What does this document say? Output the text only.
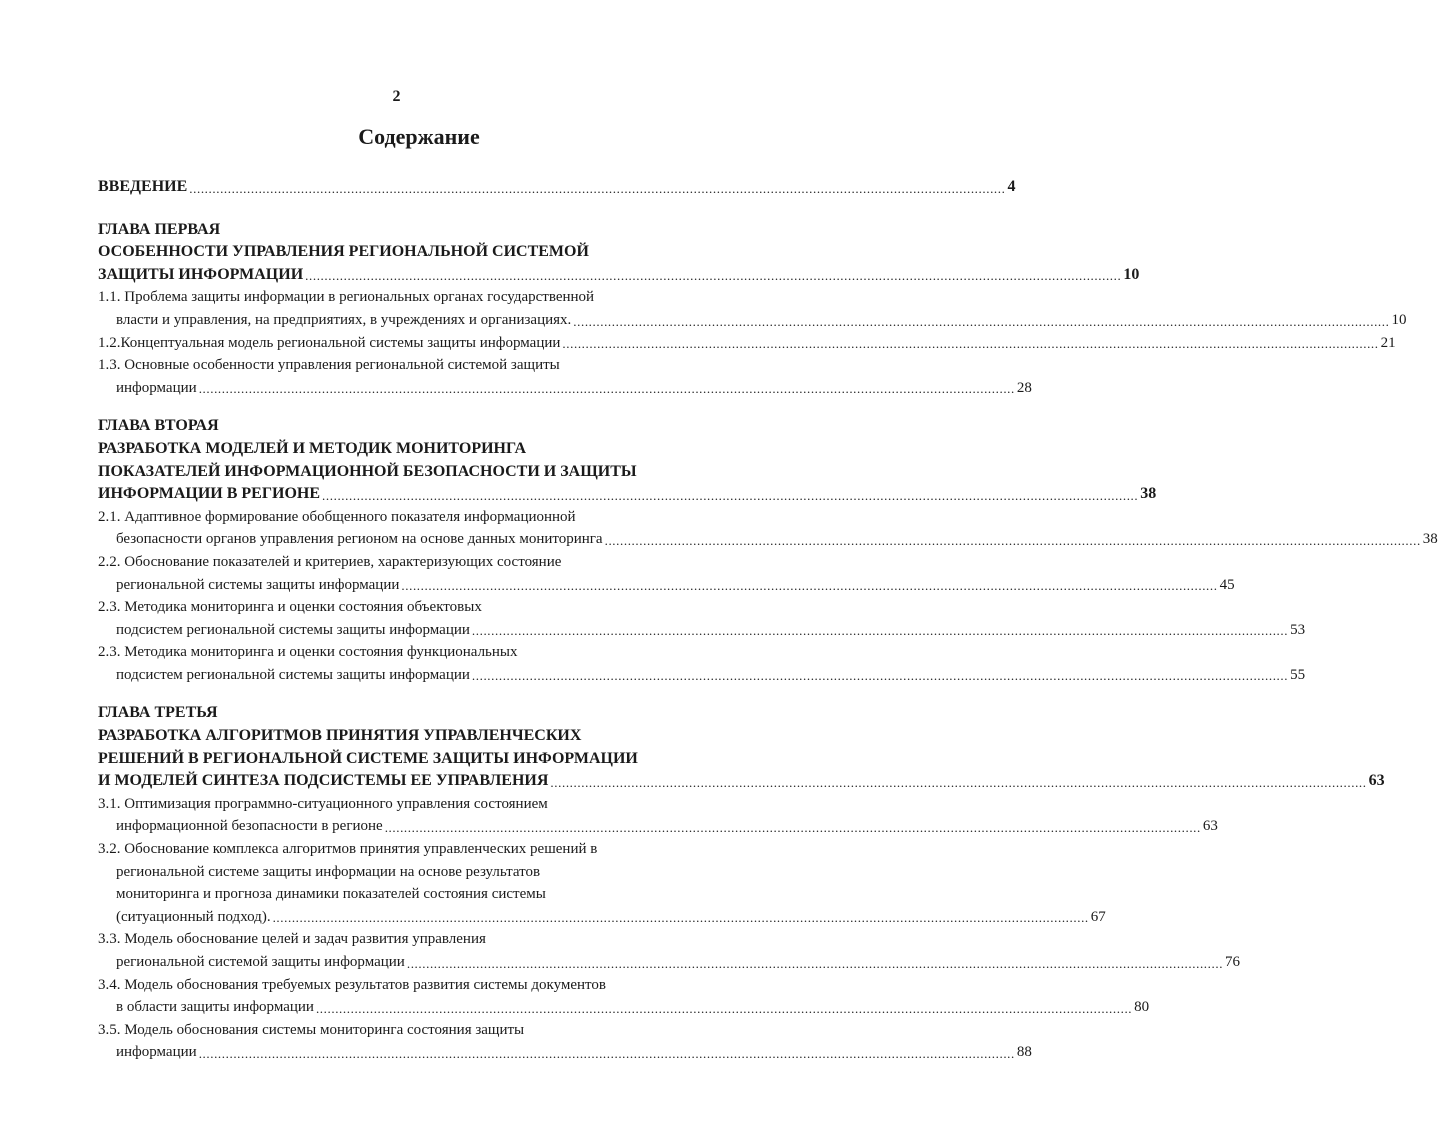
2
Содержание
ВВЕДЕНИЕ .................................................................................................................................................................................................................... 4
ГЛАВА ПЕРВАЯ
ОСОБЕННОСТИ УПРАВЛЕНИЯ РЕГИОНАЛЬНОЙ СИСТЕМОЙ
ЗАЩИТЫ ИНФОРМАЦИИ .................................................................................................................................................................................................................... 10
1.1. Проблема защиты информации в региональных органах государственной
власти и управления, на предприятиях, в учреждениях и организациях. .................................................................................................................................................................................................................... 10
1.2.Концептуальная модель региональной системы защиты информации .................................................................................................................................................................................................................... 21
1.3. Основные особенности управления региональной системой защиты
информации .................................................................................................................................................................................................................... 28
ГЛАВА ВТОРАЯ
РАЗРАБОТКА МОДЕЛЕЙ И МЕТОДИК МОНИТОРИНГА
ПОКАЗАТЕЛЕЙ ИНФОРМАЦИОННОЙ БЕЗОПАСНОСТИ И ЗАЩИТЫ
ИНФОРМАЦИИ В РЕГИОНЕ .................................................................................................................................................................................................................... 38
2.1. Адаптивное формирование обобщенного показателя информационной
безопасности органов управления регионом на основе данных мониторинга .................................................................................................................................................................................................................... 38
2.2. Обоснование показателей и критериев, характеризующих состояние
региональной системы защиты информации .................................................................................................................................................................................................................... 45
2.3. Методика мониторинга и оценки состояния объектовых
подсистем региональной системы защиты информации .................................................................................................................................................................................................................... 53
2.3. Методика мониторинга и оценки состояния функциональных
подсистем региональной системы защиты информации .................................................................................................................................................................................................................... 55
ГЛАВА ТРЕТЬЯ
РАЗРАБОТКА АЛГОРИТМОВ ПРИНЯТИЯ УПРАВЛЕНЧЕСКИХ
РЕШЕНИЙ В РЕГИОНАЛЬНОЙ СИСТЕМЕ ЗАЩИТЫ ИНФОРМАЦИИ
И МОДЕЛЕЙ СИНТЕЗА ПОДСИСТЕМЫ ЕЕ УПРАВЛЕНИЯ .................................................................................................................................................................................................................... 63
3.1. Оптимизация программно-ситуационного управления состоянием
информационной безопасности в регионе .................................................................................................................................................................................................................... 63
3.2. Обоснование комплекса алгоритмов принятия управленческих решений в
региональной системе защиты информации на основе результатов
мониторинга и прогноза динамики показателей состояния системы
(ситуационный подход). .................................................................................................................................................................................................................... 67
3.3. Модель обоснование целей и задач развития управления
региональной системой защиты информации .................................................................................................................................................................................................................... 76
3.4. Модель обоснования требуемых результатов развития системы документов
в области защиты информации .................................................................................................................................................................................................................... 80
3.5. Модель обоснования системы мониторинга состояния защиты
информации .................................................................................................................................................................................................................... 88
